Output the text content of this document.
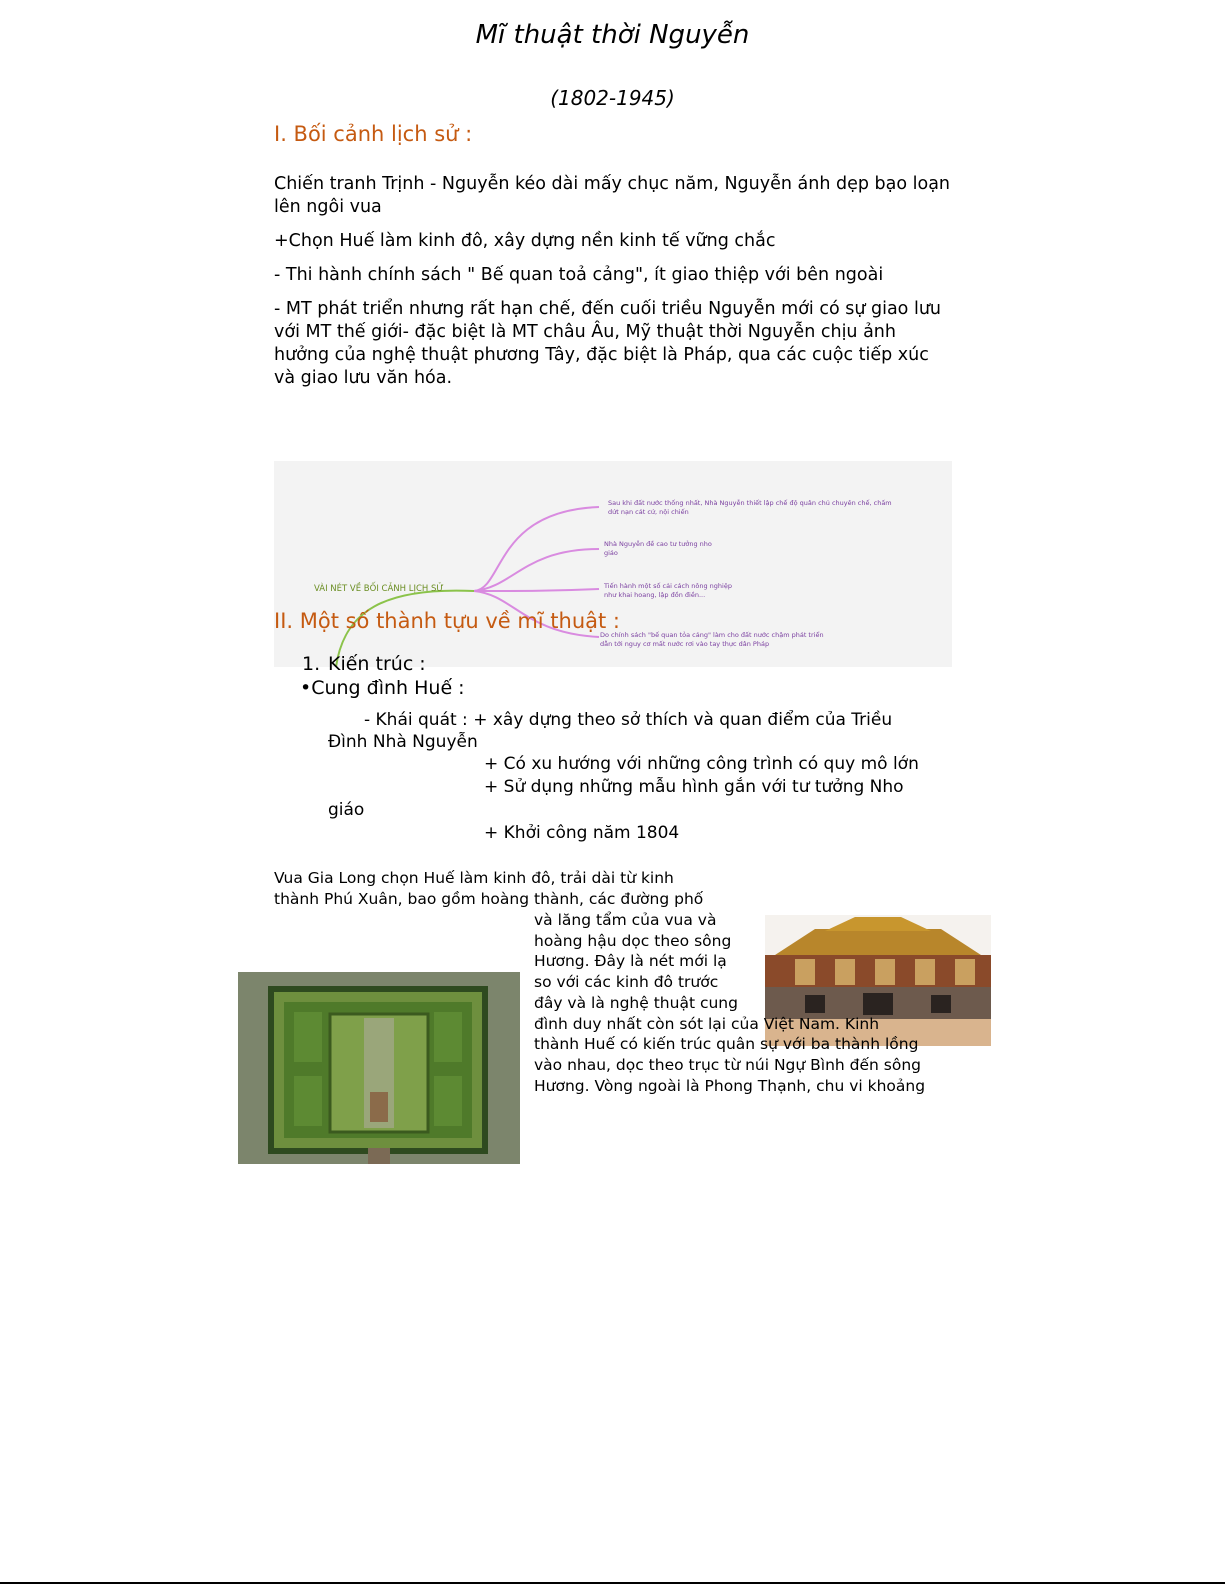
Mĩ thuật thời Nguyễn
(1802-1945)
I. Bối cảnh lịch sử :
Chiến tranh Trịnh - Nguyễn kéo dài mấy chục năm, Nguyễn ánh dẹp bạo loạn lên ngôi vua
+Chọn Huế làm kinh đô, xây dựng nền kinh tế vững chắc
- Thi hành chính sách " Bế quan toả cảng", ít giao thiệp với bên ngoài
- MT phát triển nhưng rất hạn chế, đến cuối triều Nguyễn mới có sự giao lưu với MT thế giới- đặc biệt là MT châu Âu, Mỹ thuật thời Nguyễn chịu ảnh hưởng của nghệ thuật phương Tây, đặc biệt là Pháp, qua các cuộc tiếp xúc và giao lưu văn hóa.
VÀI NÉT VỀ BỐI CẢNH LỊCH SỬ
Sau khi đất nước thống nhất, Nhà Nguyễn thiết lập chế độ quân chủ chuyên chế, chấm
dứt nạn cát cứ, nội chiến
Nhà Nguyễn đề cao tư tưởng nho
giáo
Tiến hành một số cải cách nông nghiệp
như khai hoang, lập đồn điền...
Do chính sách "bế quan tỏa cảng" làm cho đất nước chậm phát triển
dẫn tới nguy cơ mất nước rơi vào tay thực dân Pháp
II. Một số thành tựu về mĩ thuật :
1. Kiến trúc :
•Cung đình Huế :
- Khái quát : + xây dựng theo sở thích và quan điểm của Triều
Đình Nhà Nguyễn
+ Có xu hướng với những công trình có quy mô lớn
+ Sử dụng những mẫu hình gắn với tư tưởng Nho
giáo
+ Khởi công năm 1804
Vua Gia Long chọn Huế làm kinh đô, trải dài từ kinh
thành Phú Xuân, bao gồm hoàng thành, các đường phố
và lăng tẩm của vua và
hoàng hậu dọc theo sông
Hương. Đây là nét mới lạ
so với các kinh đô trước
đây và là nghệ thuật cung
đình duy nhất còn sót lại của Việt Nam. Kinh
thành Huế có kiến trúc quân sự với ba thành lồng
vào nhau, dọc theo trục từ núi Ngự Bình đến sông
Hương. Vòng ngoài là Phong Thạnh, chu vi khoảng
